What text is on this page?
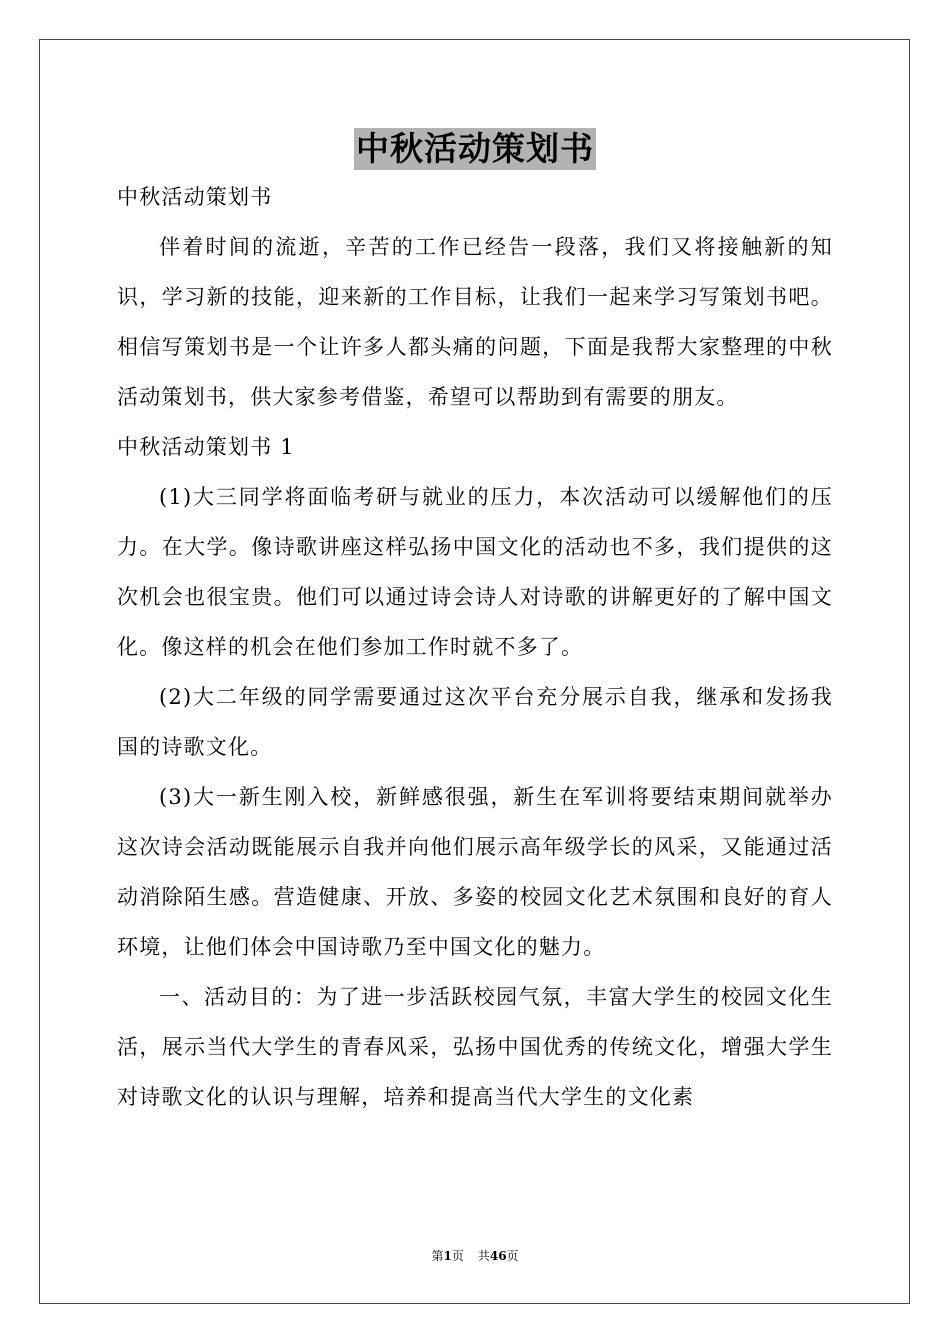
中秋活动策划书

中秋活动策划书

伴着时间的流逝，辛苦的工作已经告一段落，我们又将接触新的知识，学习新的技能，迎来新的工作目标，让我们一起来学习写策划书吧。相信写策划书是一个让许多人都头痛的问题，下面是我帮大家整理的中秋活动策划书，供大家参考借鉴，希望可以帮助到有需要的朋友。

中秋活动策划书 1

(1)大三同学将面临考研与就业的压力，本次活动可以缓解他们的压力。在大学。像诗歌讲座这样弘扬中国文化的活动也不多，我们提供的这次机会也很宝贵。他们可以通过诗会诗人对诗歌的讲解更好的了解中国文化。像这样的机会在他们参加工作时就不多了。

(2)大二年级的同学需要通过这次平台充分展示自我，继承和发扬我国的诗歌文化。

(3)大一新生刚入校，新鲜感很强，新生在军训将要结束期间就举办这次诗会活动既能展示自我并向他们展示高年级学长的风采，又能通过活动消除陌生感。营造健康、开放、多姿的校园文化艺术氛围和良好的育人环境，让他们体会中国诗歌乃至中国文化的魅力。

一、活动目的：为了进一步活跃校园气氛，丰富大学生的校园文化生活，展示当代大学生的青春风采，弘扬中国优秀的传统文化，增强大学生对诗歌文化的认识与理解，培养和提高当代大学生的文化素

第1页 共46页
